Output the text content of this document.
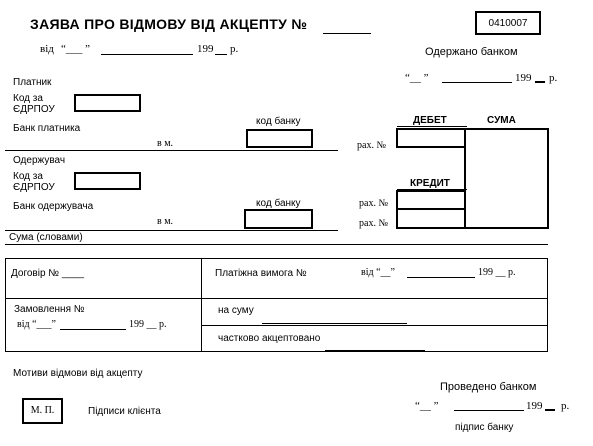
ЗАЯВА ПРО ВІДМОВУ ВІД АКЦЕПТУ №	0410007
від “___ ”	199 р.	Одержано банком
“__ ”	199 р.
Платник
Код за
ЄДРПОУ
Банк платника
в м.
код банку	ДЕБЕТ	СУМА
рах. №
Одержувач
Код за
ЄДРПОУ
Банк одержувача
в м.
код банку
КРЕДИТ
рах. №
рах. №
Сума (словами)
Договір № ____	Платіжна вимога №	від “__”	199 __ р.
Замовлення №
від “___”	199 __ р.
на суму
частково акцептовано
Мотиви відмови від акцепту
М. П.	Підписи клієнта
Проведено банком
“__ ”	199 р.
підпис банку
